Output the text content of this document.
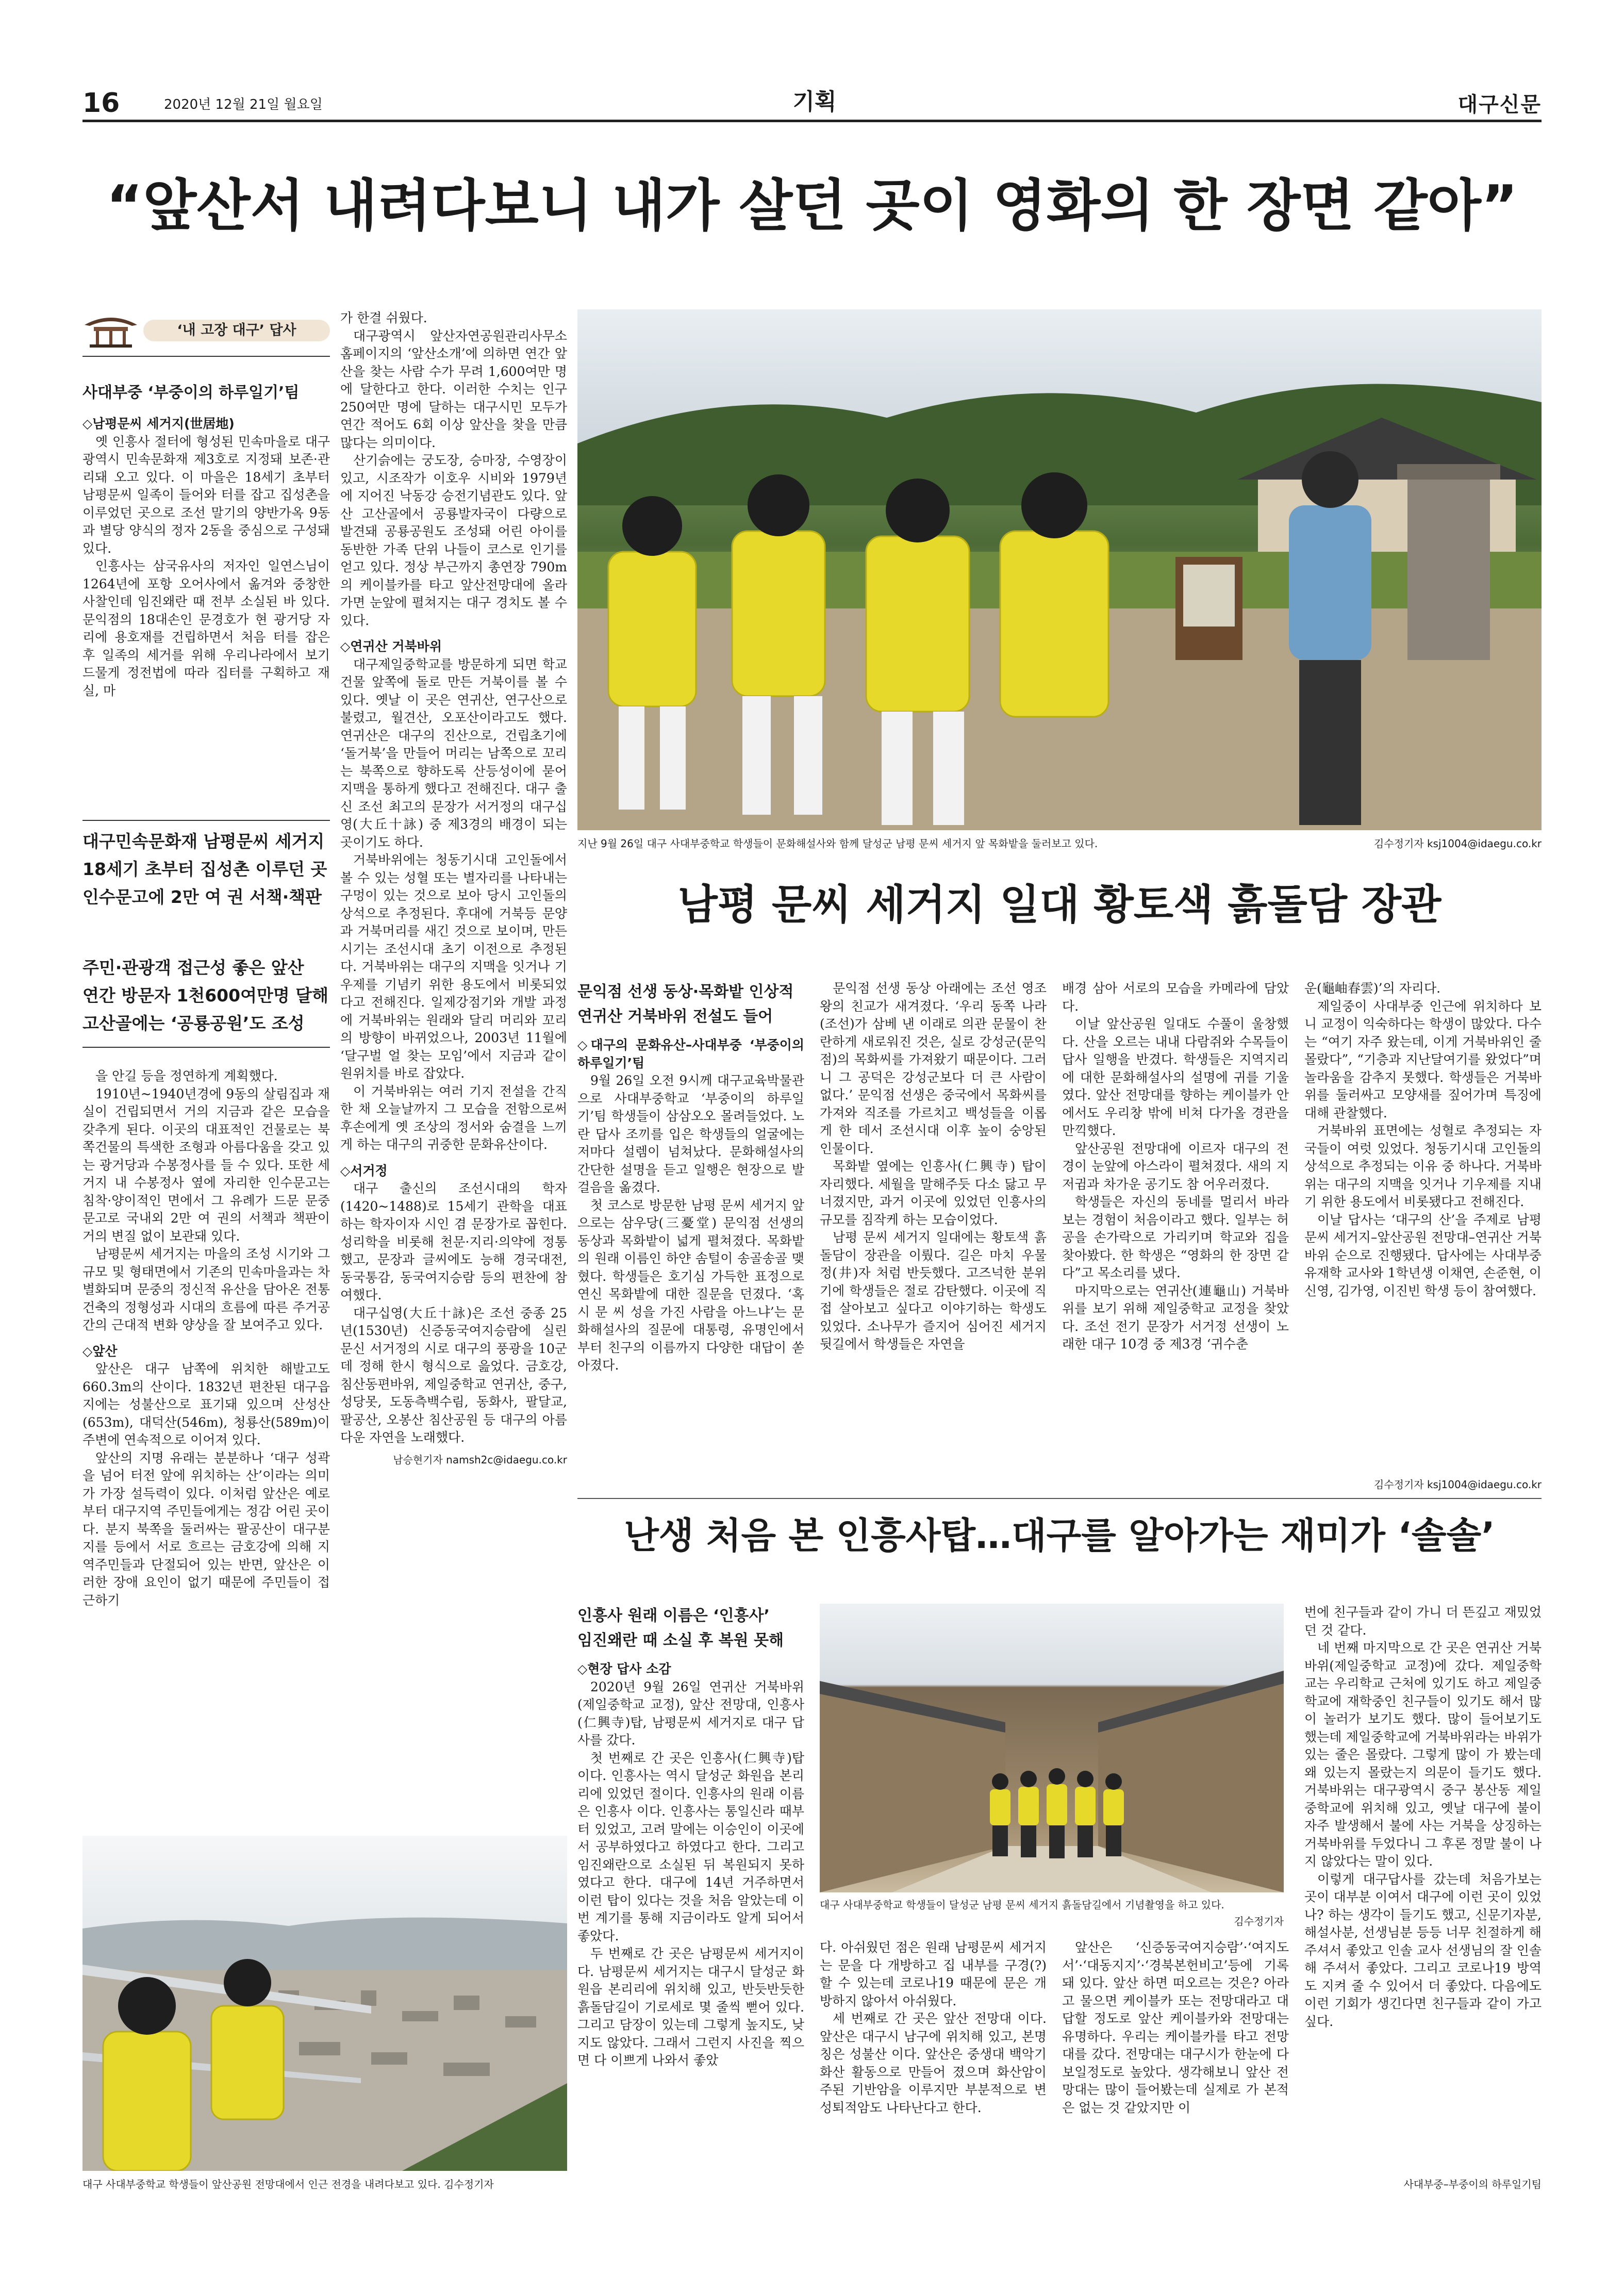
16	2020년 12월 21일 월요일	기획	대구신문
“앞산서 내려다보니 내가 살던 곳이 영화의 한 장면 같아”
‘내 고장 대구’ 답사
사대부중 ‘부중이의 하루일기’팀

◇남평문씨 세거지(世居地)

옛 인흥사 절터에 형성된 민속마을로 대구광역시 민속문화재 제3호로 지정돼 보존·관리돼 오고 있다. 이 마을은 18세기 초부터 남평문씨 일족이 들어와 터를 잡고 집성촌을 이루었던 곳으로 조선 말기의 양반가옥 9동과 별당 양식의 정자 2동을 중심으로 구성돼 있다.

인흥사는 삼국유사의 저자인 일연스님이 1264년에 포항 오어사에서 옮겨와 중창한 사찰인데 임진왜란 때 전부 소실된 바 있다. 문익점의 18대손인 문경호가 현 광거당 자리에 용호재를 건립하면서 처음 터를 잡은 후 일족의 세거를 위해 우리나라에서 보기 드물게 정전법에 따라 집터를 구획하고 재실, 마

대구민속문화재 남평문씨 세거지
18세기 초부터 집성촌 이루던 곳
인수문고에 2만 여 권 서책·책판
주민·관광객 접근성 좋은 앞산
연간 방문자 1천600여만명 달해
고산골에는 ‘공룡공원’도 조성

을 안길 등을 정연하게 계획했다.

1910년~1940년경에 9동의 살림집과 재실이 건립되면서 거의 지금과 같은 모습을 갖추게 된다. 이곳의 대표적인 건물로는 북쪽건물의 특색한 조형과 아름다움을 갖고 있는 광거당과 수봉정사를 들 수 있다. 또한 세거지 내 수봉정사 옆에 자리한 인수문고는 침착·양이적인 면에서 그 유례가 드문 문중문고로 국내외 2만 여 권의 서책과 책판이 거의 변질 없이 보관돼 있다.

남평문씨 세거지는 마을의 조성 시기와 그 규모 및 형태면에서 기존의 민속마을과는 차별화되며 문중의 정신적 유산을 담아온 전통건축의 정형성과 시대의 흐름에 따른 주거공간의 근대적 변화 양상을 잘 보여주고 있다.

◇앞산

앞산은 대구 남쪽에 위치한 해발고도 660.3m의 산이다. 1832년 편찬된 대구읍지에는 성불산으로 표기돼 있으며 산성산(653m), 대덕산(546m), 청룡산(589m)이 주변에 연속적으로 이어져 있다.

앞산의 지명 유래는 분분하나 ‘대구 성곽을 넘어 터전 앞에 위치하는 산’이라는 의미가 가장 설득력이 있다. 이처럼 앞산은 예로부터 대구지역 주민들에게는 정감 어린 곳이다. 분지 북쪽을 둘러싸는 팔공산이 대구분지를 등에서 서로 흐르는 금호강에 의해 지역주민들과 단절되어 있는 반면, 앞산은 이러한 장애 요인이 없기 때문에 주민들이 접근하기

가 한결 쉬웠다.

대구광역시 앞산자연공원관리사무소 홈페이지의 ‘앞산소개’에 의하면 연간 앞산을 찾는 사람 수가 무려 1,600여만 명에 달한다고 한다. 이러한 수치는 인구 250여만 명에 달하는 대구시민 모두가 연간 적어도 6회 이상 앞산을 찾을 만큼 많다는 의미이다.

산기슭에는 궁도장, 승마장, 수영장이 있고, 시조작가 이호우 시비와 1979년에 지어진 낙동강 승전기념관도 있다. 앞산 고산골에서 공룡발자국이 다량으로 발견돼 공룡공원도 조성돼 어린 아이를 동반한 가족 단위 나들이 코스로 인기를 얻고 있다. 정상 부근까지 총연장 790m의 케이블카를 타고 앞산전망대에 올라가면 눈앞에 펼쳐지는 대구 경치도 볼 수 있다.

◇연귀산 거북바위

대구제일중학교를 방문하게 되면 학교 건물 앞쪽에 돌로 만든 거북이를 볼 수 있다. 옛날 이 곳은 연귀산, 연구산으로 불렸고, 월견산, 오포산이라고도 했다. 연귀산은 대구의 진산으로, 건립초기에 ‘돌거북’을 만들어 머리는 남쪽으로 꼬리는 북쪽으로 향하도록 산등성이에 묻어 지맥을 통하게 했다고 전해진다. 대구 출신 조선 최고의 문장가 서거정의 대구십영(大丘十詠) 중 제3경의 배경이 되는 곳이기도 하다.

거북바위에는 청동기시대 고인돌에서 볼 수 있는 성혈 또는 별자리를 나타내는 구멍이 있는 것으로 보아 당시 고인돌의 상석으로 추정된다. 후대에 거북등 문양과 거북머리를 새긴 것으로 보이며, 만든 시기는 조선시대 초기 이전으로 추정된다. 거북바위는 대구의 지맥을 잇거나 기우제를 기념키 위한 용도에서 비롯되었다고 전해진다. 일제강점기와 개발 과정에 거북바위는 원래와 달리 머리와 꼬리의 방향이 바뀌었으나, 2003년 11월에 ‘달구벌 얼 찾는 모임’에서 지금과 같이 원위치를 바로 잡았다.

이 거북바위는 여러 기지 전설을 간직한 채 오늘날까지 그 모습을 전함으로써 후손에게 옛 조상의 정서와 숨결을 느끼게 하는 대구의 귀중한 문화유산이다.

◇서거정

대구 출신의 조선시대의 학자(1420~1488)로 15세기 관학을 대표하는 학자이자 시인 겸 문장가로 꼽힌다. 성리학을 비롯해 천문·지리·의약에 정통했고, 문장과 글씨에도 능해 경국대전, 동국통감, 동국여지승람 등의 편찬에 참여했다.

대구십영(大丘十詠)은 조선 중종 25년(1530년) 신증동국여지승람에 실린 문신 서거정의 시로 대구의 풍광을 10군데 정해 한시 형식으로 읊었다. 금호강, 침산동편바위, 제일중학교 연귀산, 중구, 성당못, 도동측백수림, 동화사, 팔달교, 팔공산, 오봉산 침산공원 등 대구의 아름다운 자연을 노래했다.

남승현기자 namsh2c@idaegu.co.kr

지난 9월 26일 대구 사대부중학교 학생들이 문화해설사와 함께 달성군 남평 문씨 세거지 앞 목화밭을 둘러보고 있다.	김수정기자 ksj1004@idaegu.co.kr
남평 문씨 세거지 일대 황토색 흙돌담 장관
문익점 선생 동상·목화밭 인상적
연귀산 거북바위 전설도 들어

◇대구의 문화유산–사대부중 ‘부중이의 하루일기’팀

9월 26일 오전 9시께 대구교육박물관으로 사대부중학교 ‘부중이의 하루일기’팀 학생들이 삼삼오오 몰려들었다. 노란 답사 조끼를 입은 학생들의 얼굴에는 저마다 설렘이 넘쳐났다. 문화해설사의 간단한 설명을 듣고 일행은 현장으로 발걸음을 옮겼다.

첫 코스로 방문한 남평 문씨 세거지 앞으로는 삼우당(三憂堂) 문익점 선생의 동상과 목화밭이 넓게 펼쳐졌다. 목화밭의 원래 이름인 하얀 솜털이 송골송골 맺혔다. 학생들은 호기심 가득한 표정으로 연신 목화밭에 대한 질문을 던졌다. ‘혹시 문 씨 성을 가진 사람을 아느냐’는 문화해설사의 질문에 대통령, 유명인에서부터 친구의 이름까지 다양한 대답이 쏟아졌다.

문익점 선생 동상 아래에는 조선 영조왕의 친교가 새겨졌다. ‘우리 동쪽 나라(조선)가 삼베 낸 이래로 의관 문물이 찬란하게 새로워진 것은, 실로 강성군(문익점)의 목화씨를 가져왔기 때문이다. 그러니 그 공덕은 강성군보다 더 큰 사람이 없다.’ 문익점 선생은 중국에서 목화씨를 가져와 직조를 가르치고 백성들을 이롭게 한 데서 조선시대 이후 높이 숭앙된 인물이다.

목화밭 옆에는 인흥사(仁興寺) 탑이 자리했다. 세월을 말해주듯 다소 닳고 무너졌지만, 과거 이곳에 있었던 인흥사의 규모를 짐작케 하는 모습이었다.

남평 문씨 세거지 일대에는 황토색 흙돌담이 장관을 이뤘다. 길은 마치 우물 정(井)자 처럼 반듯했다. 고즈넉한 분위기에 학생들은 절로 감탄했다. 이곳에 직접 살아보고 싶다고 이야기하는 학생도 있었다. 소나무가 즐지어 심어진 세거지 뒷길에서 학생들은 자연을

배경 삼아 서로의 모습을 카메라에 담았다.

이날 앞산공원 일대도 수풀이 울창했다. 산을 오르는 내내 다람쥐와 수목들이 답사 일행을 반겼다. 학생들은 지역지리에 대한 문화해설사의 설명에 귀를 기울였다. 앞산 전망대를 향하는 케이블카 안에서도 우리창 밖에 비쳐 다가올 경관을 만끽했다.

앞산공원 전망대에 이르자 대구의 전경이 눈앞에 아스라이 펼쳐졌다. 새의 지저귐과 차가운 공기도 참 어우러졌다.

학생들은 자신의 동네를 멀리서 바라보는 경험이 처음이라고 했다. 일부는 허공을 손가락으로 가리키며 학교와 집을 찾아봤다. 한 학생은 “영화의 한 장면 같다”고 목소리를 냈다.

마지막으로는 연귀산(連龜山) 거북바위를 보기 위해 제일중학교 교정을 찾았다. 조선 전기 문장가 서거정 선생이 노래한 대구 10경 중 제3경 ‘귀수춘

운(龜岫春雲)’의 자리다.

제일중이 사대부중 인근에 위치하다 보니 교정이 익숙하다는 학생이 많았다. 다수는 “여기 자주 왔는데, 이게 거북바위인 줄 몰랐다”, “기층과 지난달여기를 왔었다”며 놀라움을 감추지 못했다. 학생들은 거북바위를 둘러싸고 모양새를 짚어가며 특징에 대해 관찰했다.

거북바위 표면에는 성혈로 추정되는 자국들이 여럿 있었다. 청동기시대 고인돌의 상석으로 추정되는 이유 중 하나다. 거북바위는 대구의 지맥을 잇거나 기우제를 지내기 위한 용도에서 비롯됐다고 전해진다.

이날 답사는 ‘대구의 산’을 주제로 남평 문씨 세거지–앞산공원 전망대–연귀산 거북바위 순으로 진행됐다. 답사에는 사대부중 유재학 교사와 1학년생 이채연, 손준현, 이신영, 김가영, 이진빈 학생 등이 참여했다.

김수정기자 ksj1004@idaegu.co.kr
난생 처음 본 인흥사탑…대구를 알아가는 재미가 ‘솔솔’
인흥사 원래 이름은 ‘인흥사’
임진왜란 때 소실 후 복원 못해

◇현장 답사 소감

2020년 9월 26일 연귀산 거북바위(제일중학교 교정), 앞산 전망대, 인흥사(仁興寺)탑, 남평문씨 세거지로 대구 답사를 갔다.

첫 번째로 간 곳은 인흥사(仁興寺)탑이다. 인흥사는 역시 달성군 화원읍 본리리에 있었던 절이다. 인흥사의 원래 이름은 인흥사 이다. 인흥사는 통일신라 때부터 있었고, 고려 말에는 이승인이 이곳에서 공부하였다고 하였다고 한다. 그리고 임진왜란으로 소실된 뒤 복원되지 못하였다고 한다. 대구에 14년 거주하면서 이런 탑이 있다는 것을 처음 알았는데 이번 계기를 통해 지금이라도 알게 되어서 좋았다.

두 번째로 간 곳은 남평문씨 세거지이다. 남평문씨 세거지는 대구시 달성군 화원읍 본리리에 위치해 있고, 반듯반듯한 흙돌담길이 기로세로 몇 줄씩 뻗어 있다. 그리고 담장이 있는데 그렇게 높지도, 낮지도 않았다. 그래서 그런지 사진을 찍으면 다 이쁘게 나와서 좋았

대구 사대부중학교 학생들이 달성군 남평 문씨 세거지 흙돌담길에서 기념촬영을 하고 있다.
김수정기자

다. 아쉬웠던 점은 원래 남평문씨 세거지는 문을 다 개방하고 집 내부를 구경(?) 할 수 있는데 코로나19 때문에 문은 개방하지 않아서 아쉬웠다.

세 번째로 간 곳은 앞산 전망대 이다. 앞산은 대구시 남구에 위치해 있고, 본명칭은 성불산 이다. 앞산은 중생대 백악기 화산 활동으로 만들어 졌으며 화산암이 주된 기반암을 이루지만 부분적으로 변성퇴적암도 나타난다고 한다.

앞산은 ‘신증동국여지승람’·‘여지도서’·‘대동지지’·‘경북본헌비고’등에 기록 돼 있다. 앞산 하면 떠오르는 것은? 아라고 물으면 케이블카 또는 전망대라고 대답할 정도로 앞산 케이블카와 전망대는 유명하다. 우리는 케이블카를 타고 전망대를 갔다. 전망대는 대구시가 한눈에 다 보일정도로 높았다. 생각해보니 앞산 전망대는 많이 들어봤는데 실제로 가 본적은 없는 것 같았지만 이

번에 친구들과 같이 가니 더 뜬깊고 재밌었던 것 같다.

네 번째 마지막으로 간 곳은 연귀산 거북바위(제일중학교 교정)에 갔다. 제일중학교는 우리학교 근처에 있기도 하고 제일중학교에 재학중인 친구들이 있기도 해서 많이 놀러가 보기도 했다. 많이 들어보기도 했는데 제일중학교에 거북바위라는 바위가 있는 줄은 몰랐다. 그렇게 많이 가 봤는데 왜 있는지 몰랐는지 의문이 들기도 했다. 거북바위는 대구광역시 중구 봉산동 제일중학교에 위치해 있고, 옛날 대구에 불이 자주 발생해서 불에 사는 거북을 상징하는 거북바위를 두었다니 그 후론 정말 불이 나지 않았다는 말이 있다.

이렇게 대구답사를 갔는데 처음가보는 곳이 대부분 이여서 대구에 이런 곳이 있었나? 하는 생각이 들기도 했고, 신문기자분, 해설사분, 선생님분 등등 너무 친절하게 해 주셔서 좋았고 인솔 교사 선생님의 잘 인솔해 주셔서 좋았다. 그리고 코로나19 방역도 지켜 줄 수 있어서 더 좋았다. 다음에도 이런 기회가 생긴다면 친구들과 같이 가고 싶다.

사대부중–부중이의 하루일기팀
대구 사대부중학교 학생들이 앞산공원 전망대에서 인근 전경을 내려다보고 있다. 김수정기자
